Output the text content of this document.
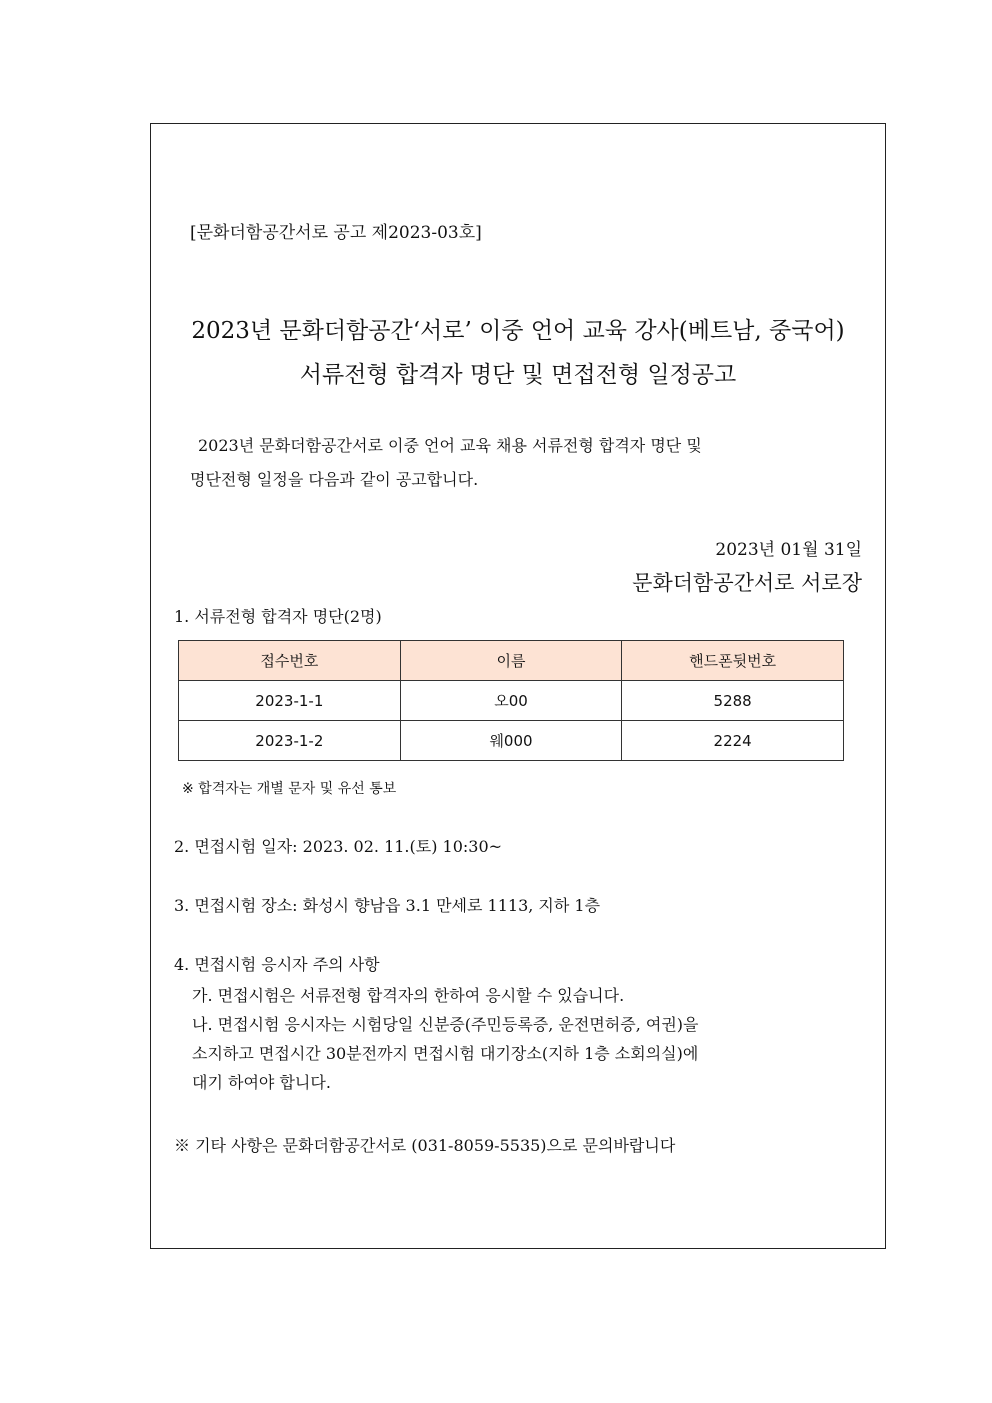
[문화더함공간서로 공고 제2023-03호]
2023년 문화더함공간‘서로’ 이중 언어 교육 강사(베트남, 중국어)
서류전형 합격자 명단 및 면접전형 일정공고
2023년 문화더함공간서로 이중 언어 교육 채용 서류전형 합격자 명단 및
명단전형 일정을 다음과 같이 공고합니다.
2023년 01월 31일
문화더함공간서로 서로장
1. 서류전형 합격자 명단(2명)
접수번호	이름	핸드폰뒷번호
2023-1-1	오00	5288
2023-1-2	웨000	2224
※ 합격자는 개별 문자 및 유선 통보
2. 면접시험 일자: 2023. 02. 11.(토) 10:30~
3. 면접시험 장소: 화성시 향남읍 3.1 만세로 1113, 지하 1층
4. 면접시험 응시자 주의 사항
가. 면접시험은 서류전형 합격자의 한하여 응시할 수 있습니다.
나. 면접시험 응시자는 시험당일 신분증(주민등록증, 운전면허증, 여권)을
소지하고 면접시간 30분전까지 면접시험 대기장소(지하 1층 소회의실)에
대기 하여야 합니다.
※ 기타 사항은 문화더함공간서로 (031-8059-5535)으로 문의바랍니다
